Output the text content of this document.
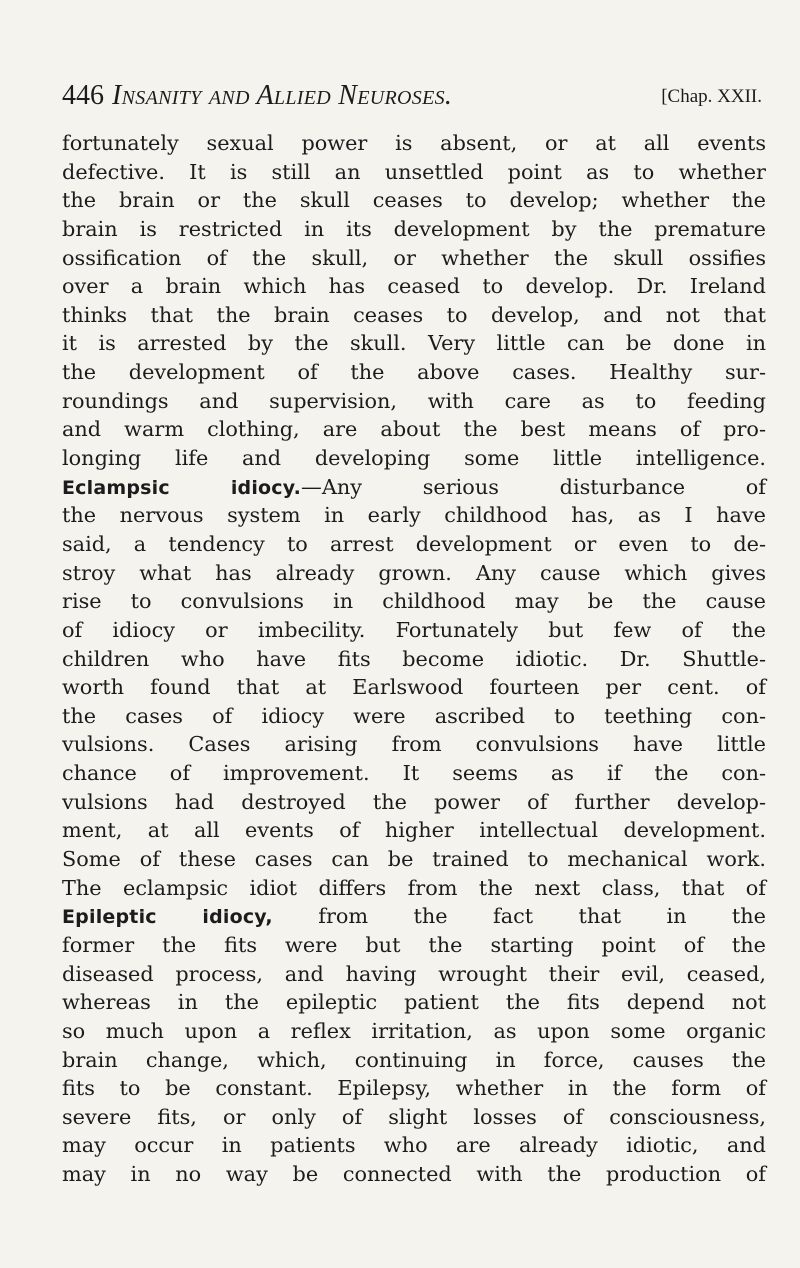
446 Insanity and Allied Neuroses.	[Chap. XXII.
fortunately sexual power is absent, or at all events
defective. It is still an unsettled point as to whether
the brain or the skull ceases to develop; whether the
brain is restricted in its development by the premature
ossification of the skull, or whether the skull ossifies
over a brain which has ceased to develop. Dr. Ireland
thinks that the brain ceases to develop, and not that
it is arrested by the skull. Very little can be done in
the development of the above cases. Healthy sur-
roundings and supervision, with care as to feeding
and warm clothing, are about the best means of pro-
longing life and developing some little intelligence.
Eclampsic idiocy.—Any serious disturbance of
the nervous system in early childhood has, as I have
said, a tendency to arrest development or even to de-
stroy what has already grown. Any cause which gives
rise to convulsions in childhood may be the cause
of idiocy or imbecility. Fortunately but few of the
children who have fits become idiotic. Dr. Shuttle-
worth found that at Earlswood fourteen per cent. of
the cases of idiocy were ascribed to teething con-
vulsions. Cases arising from convulsions have little
chance of improvement. It seems as if the con-
vulsions had destroyed the power of further develop-
ment, at all events of higher intellectual development.
Some of these cases can be trained to mechanical work.
The eclampsic idiot differs from the next class, that of
Epileptic idiocy, from the fact that in the
former the fits were but the starting point of the
diseased process, and having wrought their evil, ceased,
whereas in the epileptic patient the fits depend not
so much upon a reflex irritation, as upon some organic
brain change, which, continuing in force, causes the
fits to be constant. Epilepsy, whether in the form of
severe fits, or only of slight losses of consciousness,
may occur in patients who are already idiotic, and
may in no way be connected with the production of
